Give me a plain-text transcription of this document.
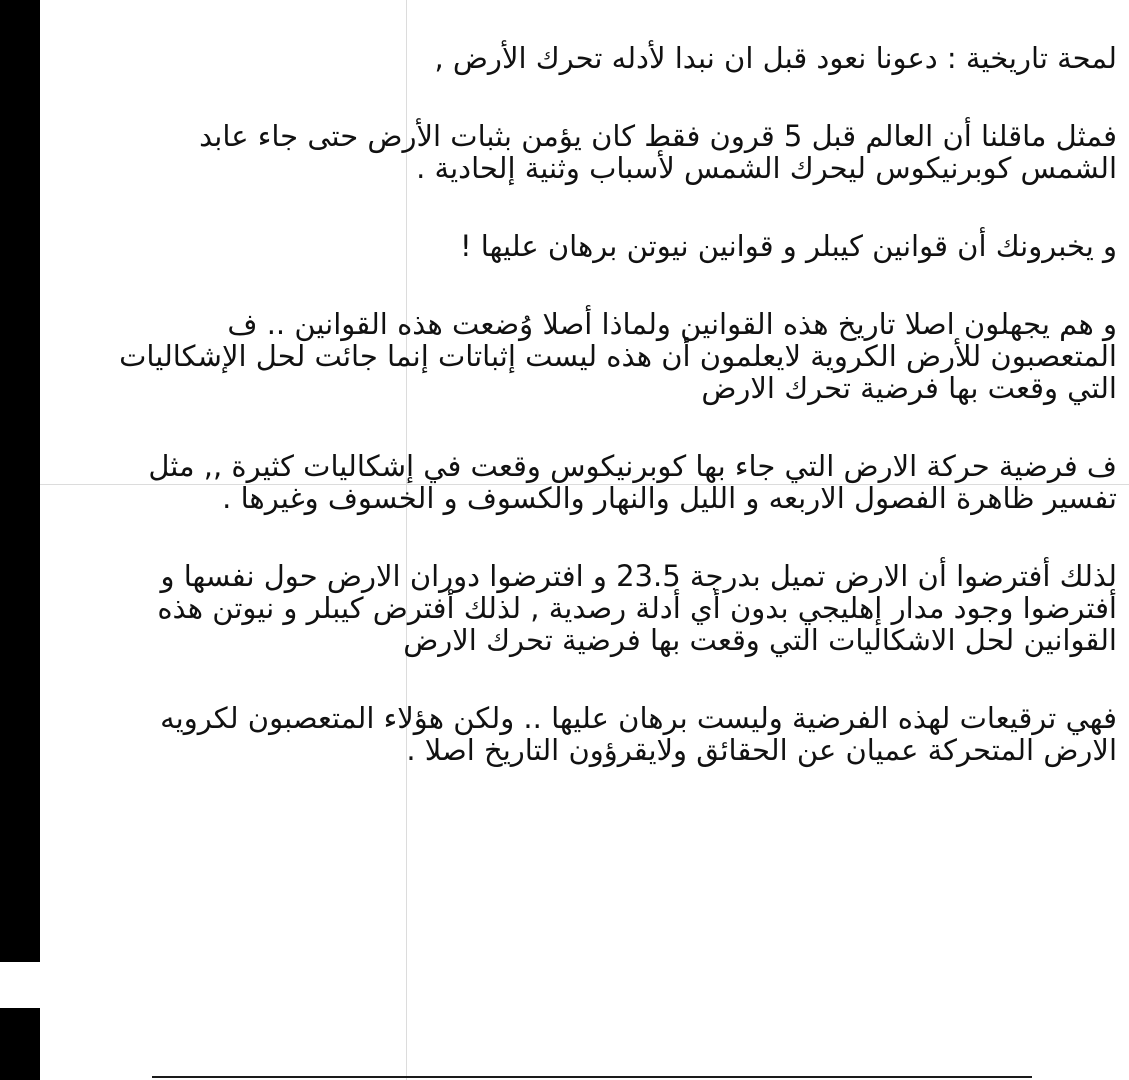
لمحة تاريخية : دعونا نعود قبل ان نبدا لأدله تحرك الأرض ,

فمثل ماقلنا أن العالم قبل 5 قرون فقط كان يؤمن بثبات الأرض حتى جاء عابد الشمس كوبرنيكوس ليحرك الشمس لأسباب وثنية إلحادية .

و يخبرونك أن قوانين كيبلر و قوانين نيوتن برهان عليها !

و هم يجهلون اصلا تاريخ هذه القوانين ولماذا أصلا وُضعت هذه القوانين .. ف المتعصبون للأرض الكروية لايعلمون أن هذه ليست إثباتات إنما جائت لحل الإشكاليات التي وقعت بها فرضية تحرك الارض

ف فرضية حركة الارض التي جاء بها كوبرنيكوس وقعت في إشكاليات كثيرة ,, مثل تفسير ظاهرة الفصول الاربعه و الليل والنهار والكسوف و الخسوف وغيرها .

لذلك أفترضوا أن الارض تميل بدرجة 23.5 و افترضوا دوران الارض حول نفسها و أفترضوا وجود مدار إهليجي بدون أي أدلة رصدية , لذلك أفترض كيبلر و نيوتن هذه القوانين لحل الاشكاليات التي وقعت بها فرضية تحرك الارض

فهي ترقيعات لهذه الفرضية وليست برهان عليها .. ولكن هؤلاء المتعصبون لكرويه الارض المتحركة عميان عن الحقائق ولايقرؤون التاريخ اصلا .
